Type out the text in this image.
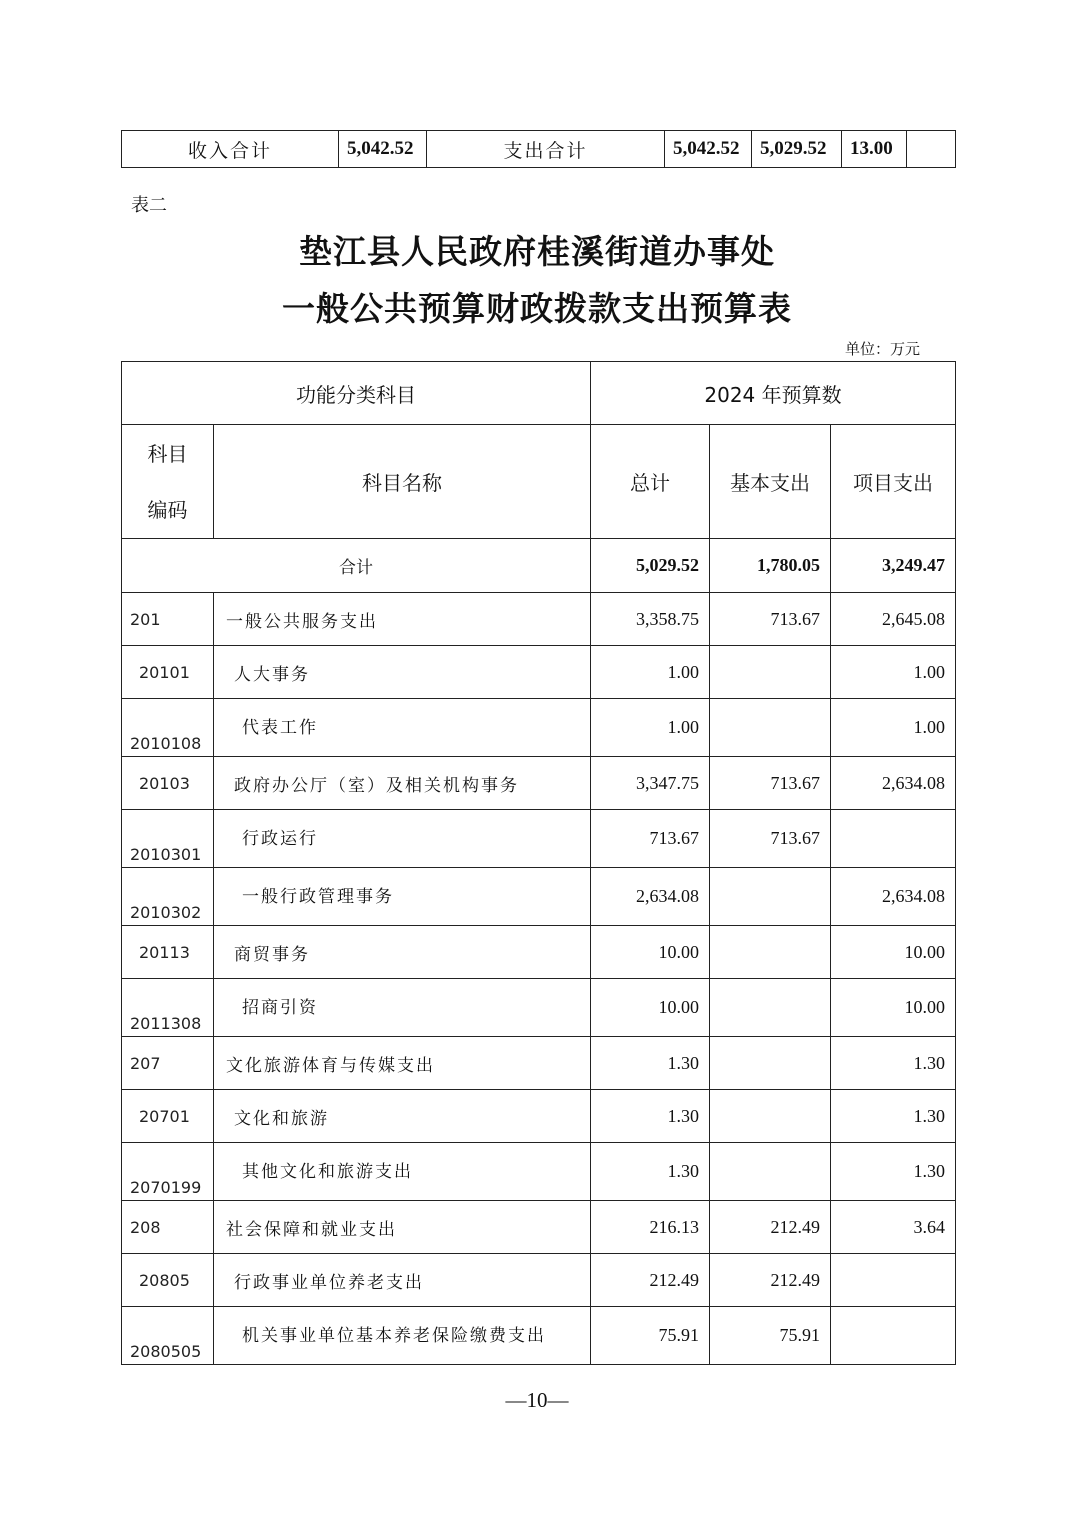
收入合计	5,042.52	支出合计	5,042.52	5,029.52	13.00	
表二
垫江县人民政府桂溪街道办事处
一般公共预算财政拨款支出预算表
单位：万元
功能分类科目		2024 年预算数		

科目
编码	科目名称	总计	基本支出	项目支出
合计		5,029.52	1,780.05	3,249.47
201	一般公共服务支出	3,358.75	713.67	2,645.08
20101	人大事务	1.00		1.00
2010108	代表工作	1.00		1.00
20103	政府办公厅（室）及相关机构事务	3,347.75	713.67	2,634.08
2010301	行政运行	713.67	713.67	
2010302	一般行政管理事务	2,634.08		2,634.08
20113	商贸事务	10.00		10.00
2011308	招商引资	10.00		10.00
207	文化旅游体育与传媒支出	1.30		1.30
20701	文化和旅游	1.30		1.30
2070199	其他文化和旅游支出	1.30		1.30
208	社会保障和就业支出	216.13	212.49	3.64
20805	行政事业单位养老支出	212.49	212.49	
2080505	机关事业单位基本养老保险缴费支出	75.91	75.91	
—10—
